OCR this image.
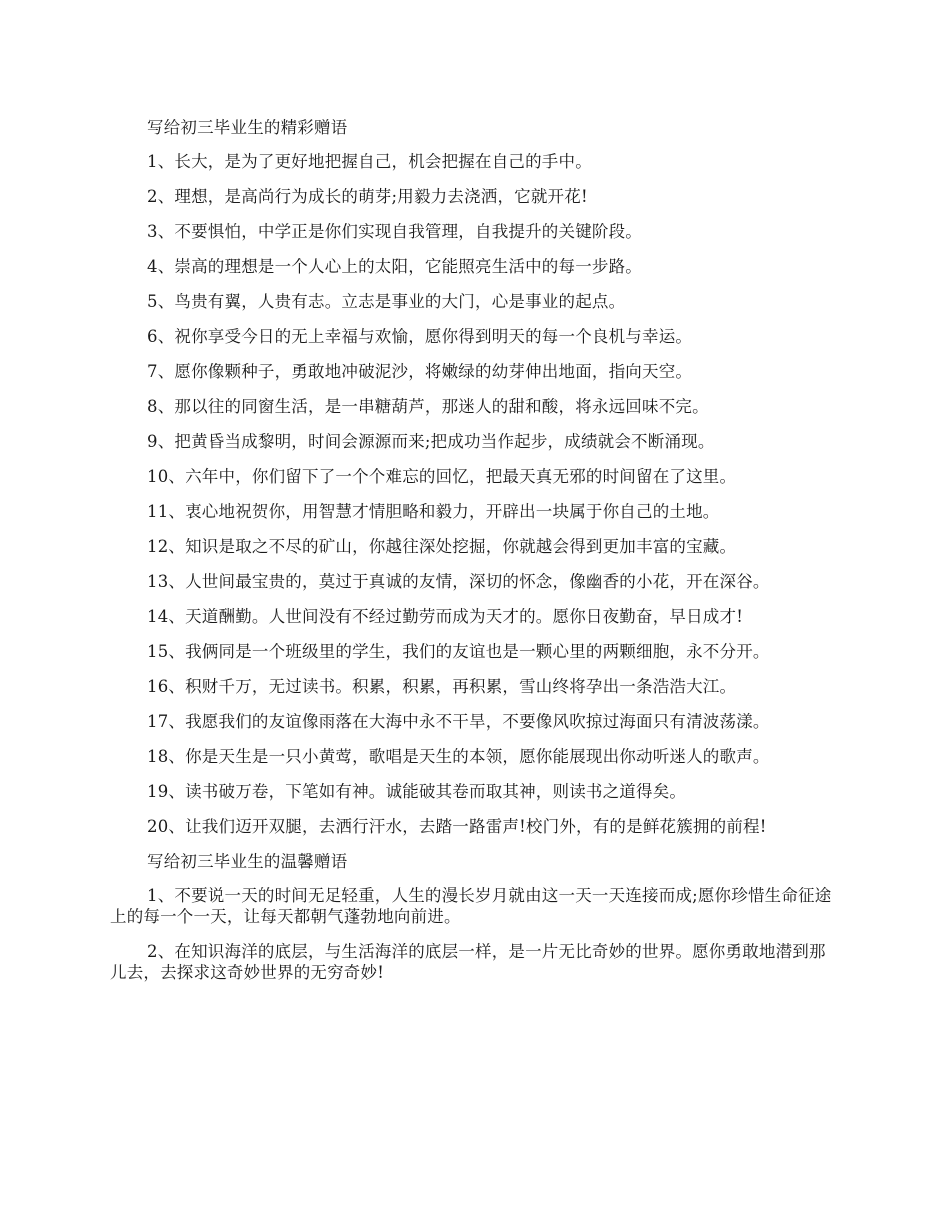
写给初三毕业生的精彩赠语

1、长大，是为了更好地把握自己，机会把握在自己的手中。

2、理想，是高尚行为成长的萌芽;用毅力去浇洒，它就开花!

3、不要惧怕，中学正是你们实现自我管理，自我提升的关键阶段。

4、崇高的理想是一个人心上的太阳，它能照亮生活中的每一步路。

5、鸟贵有翼，人贵有志。立志是事业的大门，心是事业的起点。

6、祝你享受今日的无上幸福与欢愉，愿你得到明天的每一个良机与幸运。

7、愿你像颗种子，勇敢地冲破泥沙，将嫩绿的幼芽伸出地面，指向天空。

8、那以往的同窗生活，是一串糖葫芦，那迷人的甜和酸，将永远回味不完。

9、把黄昏当成黎明，时间会源源而来;把成功当作起步，成绩就会不断涌现。

10、六年中，你们留下了一个个难忘的回忆，把最天真无邪的时间留在了这里。

11、衷心地祝贺你，用智慧才情胆略和毅力，开辟出一块属于你自己的土地。

12、知识是取之不尽的矿山，你越往深处挖掘，你就越会得到更加丰富的宝藏。

13、人世间最宝贵的，莫过于真诚的友情，深切的怀念，像幽香的小花，开在深谷。

14、天道酬勤。人世间没有不经过勤劳而成为天才的。愿你日夜勤奋，早日成才!

15、我俩同是一个班级里的学生，我们的友谊也是一颗心里的两颗细胞，永不分开。

16、积财千万，无过读书。积累，积累，再积累，雪山终将孕出一条浩浩大江。

17、我愿我们的友谊像雨落在大海中永不干旱，不要像风吹掠过海面只有清波荡漾。

18、你是天生是一只小黄莺，歌唱是天生的本领，愿你能展现出你动听迷人的歌声。

19、读书破万卷，下笔如有神。诚能破其卷而取其神，则读书之道得矣。

20、让我们迈开双腿，去洒行汗水，去踏一路雷声!校门外，有的是鲜花簇拥的前程!

写给初三毕业生的温馨赠语

1、不要说一天的时间无足轻重，人生的漫长岁月就由这一天一天连接而成;愿你珍惜生命征途上的每一个一天，让每天都朝气蓬勃地向前进。

2、在知识海洋的底层，与生活海洋的底层一样，是一片无比奇妙的世界。愿你勇敢地潜到那儿去，去探求这奇妙世界的无穷奇妙!
